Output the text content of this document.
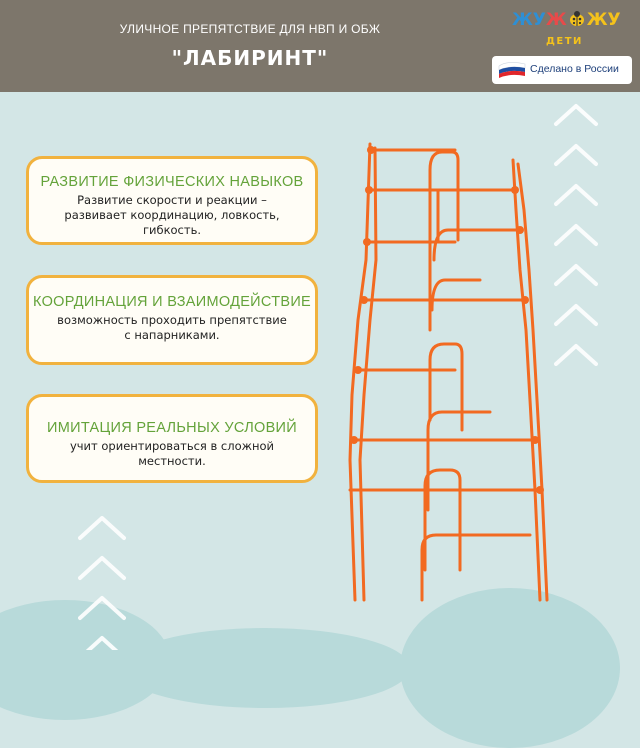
УЛИЧНОЕ ПРЕПЯТСТВИЕ ДЛЯ НВП И ОБЖ
"ЛАБИРИНТ"
ЖУЖ ЖУ
ДЕТИ
Сделано в России
РАЗВИТИЕ ФИЗИЧЕСКИХ НАВЫКОВ
Развитие скорости и реакции –
развивает координацию, ловкость,
гибкость.
КООРДИНАЦИЯ И ВЗАИМОДЕЙСТВИЕ
возможность проходить препятствие
с напарниками.
ИМИТАЦИЯ РЕАЛЬНЫХ УСЛОВИЙ
учит ориентироваться в сложной
местности.
